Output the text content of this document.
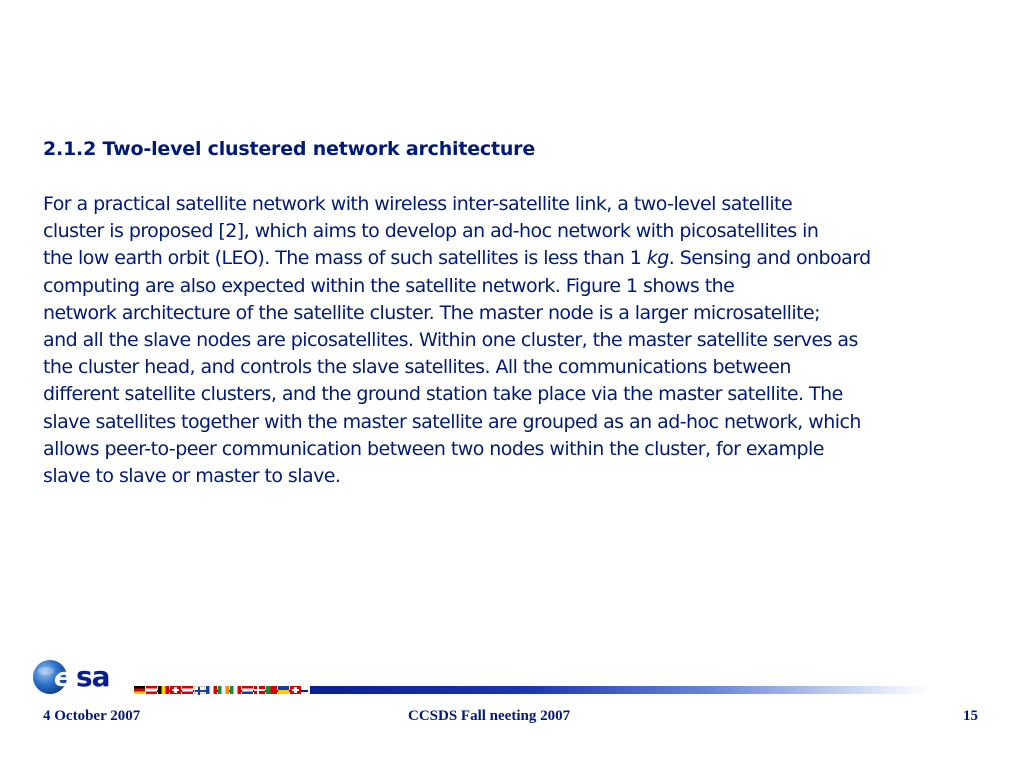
2.1.2 Two-level clustered network architecture
For a practical satellite network with wireless inter-satellite link, a two-level satellite
cluster is proposed [2], which aims to develop an ad-hoc network with picosatellites in
the low earth orbit (LEO). The mass of such satellites is less than 1 kg. Sensing and onboard
computing are also expected within the satellite network. Figure 1 shows the
network architecture of the satellite cluster. The master node is a larger microsatellite;
and all the slave nodes are picosatellites. Within one cluster, the master satellite serves as
the cluster head, and controls the slave satellites. All the communications between
different satellite clusters, and the ground station take place via the master satellite. The
slave satellites together with the master satellite are grouped as an ad-hoc network, which
allows peer-to-peer communication between two nodes within the cluster, for example
slave to slave or master to slave.
e sa
4 October 2007	CCSDS Fall neeting 2007	15
